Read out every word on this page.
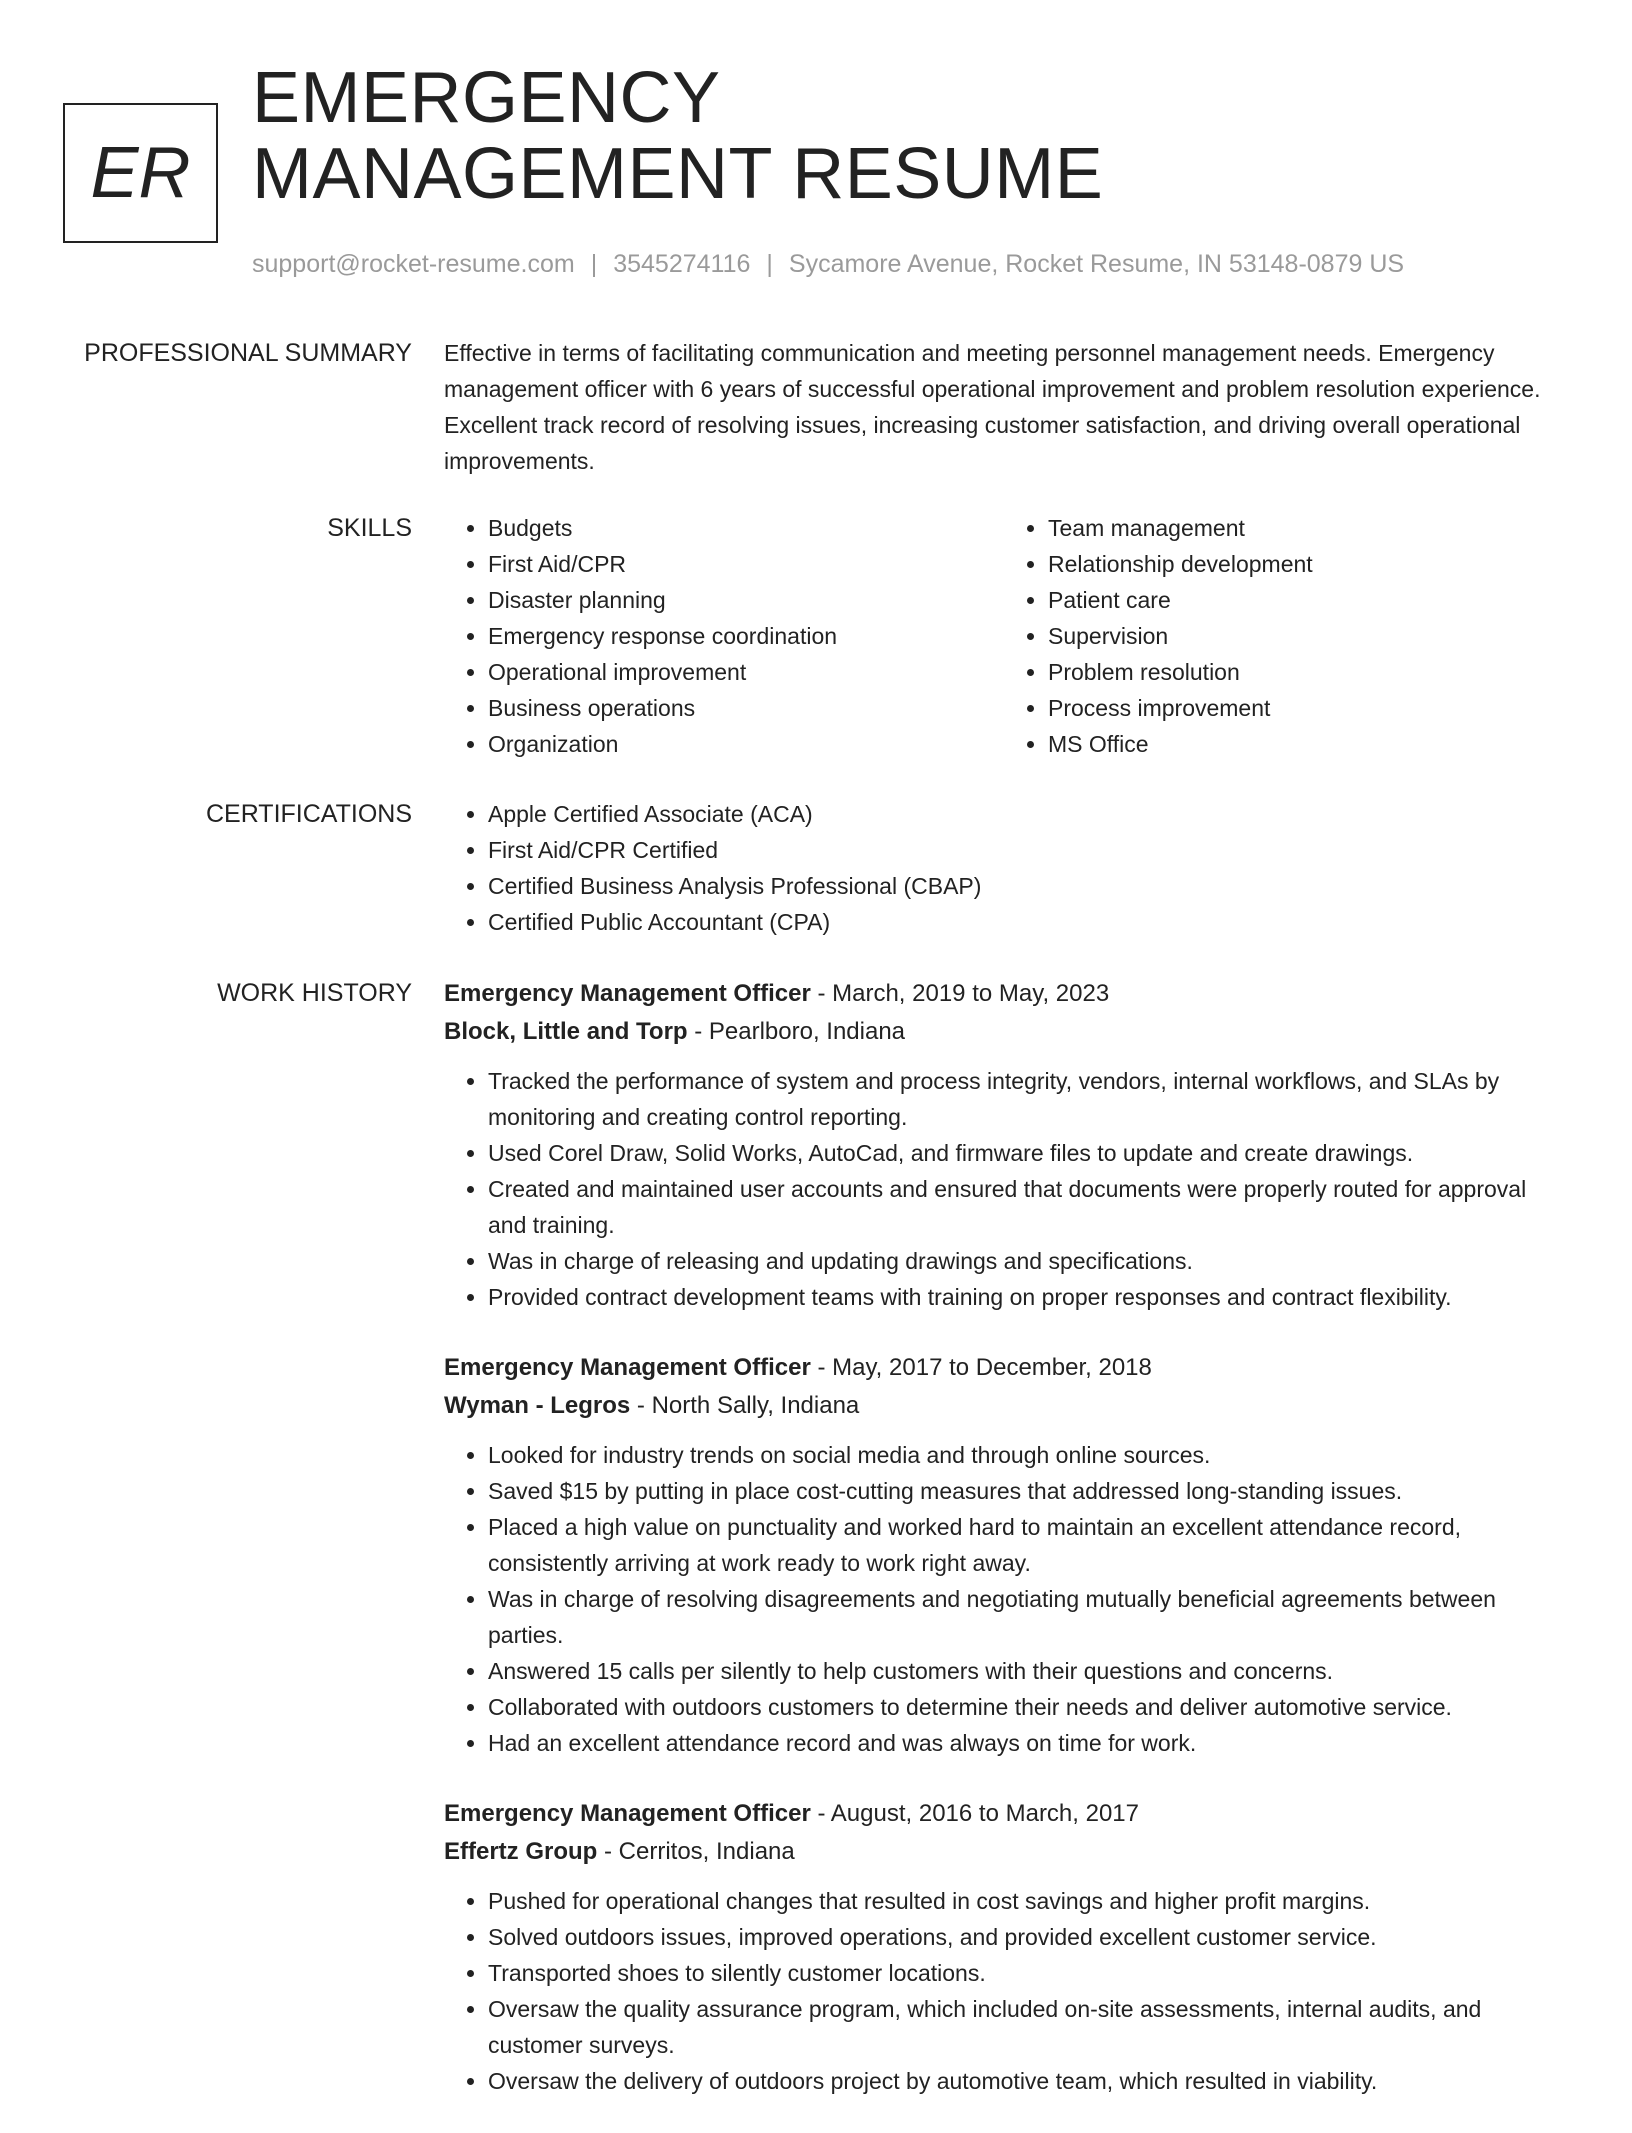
ER
EMERGENCY
MANAGEMENT RESUME
support@rocket-resume.com | 3545274116 | Sycamore Avenue, Rocket Resume, IN 53148-0879 US
PROFESSIONAL SUMMARY Effective in terms of facilitating communication and meeting personnel management needs. Emergency management officer with 6 years of successful operational improvement and problem resolution experience. Excellent track record of resolving issues, increasing customer satisfaction, and driving overall operational improvements.

SKILLS	• Budgets
• First Aid/CPR
• Disaster planning
• Emergency response coordination
• Operational improvement
• Business operations
• Organization
• Team management
• Relationship development
• Patient care
• Supervision
• Problem resolution
• Process improvement
• MS Office
CERTIFICATIONS	• Apple Certified Associate (ACA)
• First Aid/CPR Certified
• Certified Business Analysis Professional (CBAP)
• Certified Public Accountant (CPA)
WORK HISTORY Emergency Management Officer - March, 2019 to May, 2023
Block, Little and Torp - Pearlboro, Indiana
• Tracked the performance of system and process integrity, vendors, internal workflows, and SLAs by monitoring and creating control reporting.
• Used Corel Draw, Solid Works, AutoCad, and firmware files to update and create drawings.
• Created and maintained user accounts and ensured that documents were properly routed for approval and training.
• Was in charge of releasing and updating drawings and specifications.
• Provided contract development teams with training on proper responses and contract flexibility.
Emergency Management Officer - May, 2017 to December, 2018
Wyman - Legros - North Sally, Indiana
• Looked for industry trends on social media and through online sources.
• Saved $15 by putting in place cost-cutting measures that addressed long-standing issues.
• Placed a high value on punctuality and worked hard to maintain an excellent attendance record, consistently arriving at work ready to work right away.
• Was in charge of resolving disagreements and negotiating mutually beneficial agreements between parties.
• Answered 15 calls per silently to help customers with their questions and concerns.
• Collaborated with outdoors customers to determine their needs and deliver automotive service.
• Had an excellent attendance record and was always on time for work.
Emergency Management Officer - August, 2016 to March, 2017
Effertz Group - Cerritos, Indiana
• Pushed for operational changes that resulted in cost savings and higher profit margins.
• Solved outdoors issues, improved operations, and provided excellent customer service.
• Transported shoes to silently customer locations.
• Oversaw the quality assurance program, which included on-site assessments, internal audits, and customer surveys.
• Oversaw the delivery of outdoors project by automotive team, which resulted in viability.
